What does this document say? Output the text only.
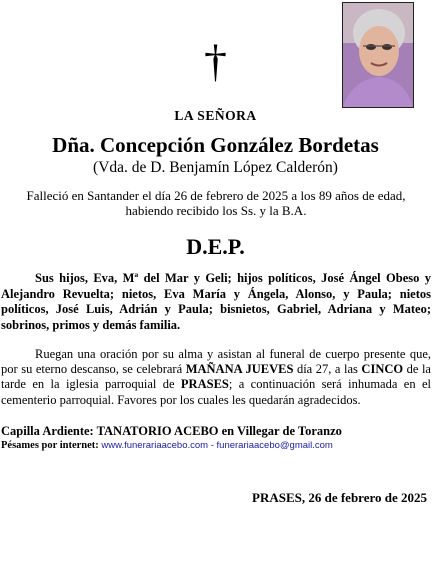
†
LA SEÑORA
Dña. Concepción González Bordetas
(Vda. de D. Benjamín López Calderón)
Falleció en Santander el día 26 de febrero de 2025 a los 89 años de edad,
habiendo recibido los Ss. y la B.A.
D.E.P.
Sus hijos, Eva, Mª del Mar y Geli; hijos políticos, José Ángel Obeso y Alejandro Revuelta; nietos, Eva María y Ángela, Alonso, y Paula; nietos políticos, José Luis, Adrián y Paula; bisnietos, Gabriel, Adriana y Mateo; sobrinos, primos y demás familia.
Ruegan una oración por su alma y asistan al funeral de cuerpo presente que, por su eterno descanso, se celebrará MAÑANA JUEVES día 27, a las CINCO de la tarde en la iglesia parroquial de PRASES; a continuación será inhumada en el cementerio parroquial. Favores por los cuales les quedarán agradecidos.
Capilla Ardiente: TANATORIO ACEBO en Villegar de Toranzo
Pésames por internet: www.funerariaacebo.com - funerariaacebo@gmail.com
PRASES, 26 de febrero de 2025
